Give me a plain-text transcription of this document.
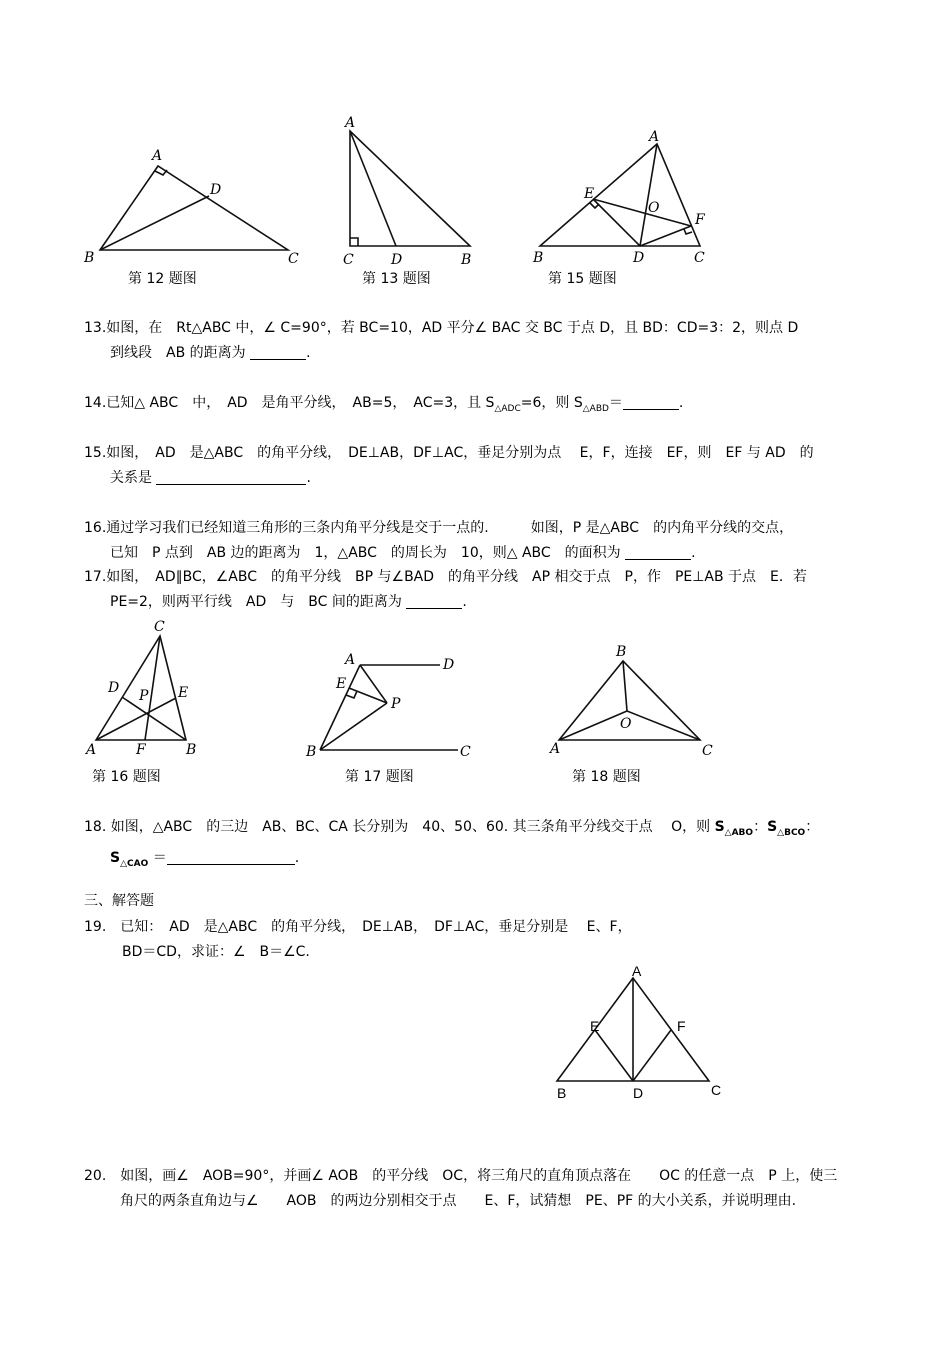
A
B	C
D
A
C	D	B
A
B	C
D
E
F
O
C
A	B
F
D	E
P
A	D
B	C
E
P
B
A	C
O
A
E	F
B	D	C
第 12 题图	第 13 题图	第 15 题图
第 16 题图	第 17 题图	第 18 题图
13.如图，在　Rt△ABC 中，∠ C=90°，若 BC=10，AD 平分∠ BAC 交 BC 于点 D，且 BD：CD=3：2，则点 D
到线段　AB 的距离为	.
14.已知△ ABC　中，　AD　是角平分线，　AB=5，　AC=3，且 $S_{\triangle ADC}=6$，则 $S_{\triangle ABD}=$	.
15.如图，　AD　是△ABC　的角平分线，　DE⊥AB，DF⊥AC，垂足分别为点　 E，F，连接　EF，则　EF 与 AD　的
关系是	.
16.通过学习我们已经知道三角形的三条内角平分线是交于一点的.　　　如图，P 是△ABC　的内角平分线的交点，
已知　P 点到　AB 边的距离为　1，△ABC　的周长为　10，则△ ABC　的面积为	.
17.如图，　AD∥BC，∠ABC　的角平分线　BP 与∠BAD　的角平分线　AP 相交于点　P，作　PE⊥AB 于点　E．若
PE=2，则两平行线　AD　与　BC 间的距离为	.
18. 如图，△ABC　的三边　AB、BC、CA 长分别为　40、50、60. 其三条角平分线交于点　 O，则 $S_{\triangle ABO}$：$S_{\triangle BCO}$：
$S_{\triangle CAO}$ ＝	.
三、解答题
19.　已知：　AD　是△ABC　的角平分线，　DE⊥AB，　DF⊥AC，垂足分别是　 E、F，
BD＝CD，求证：∠　B＝∠C.
20.　如图，画∠　AOB=90°，并画∠ AOB　的平分线　OC，将三角尺的直角顶点落在　　OC 的任意一点　P 上，使三
角尺的两条直角边与∠　　AOB　的两边分别相交于点　　E、F，试猜想　PE、PF 的大小关系，并说明理由.
